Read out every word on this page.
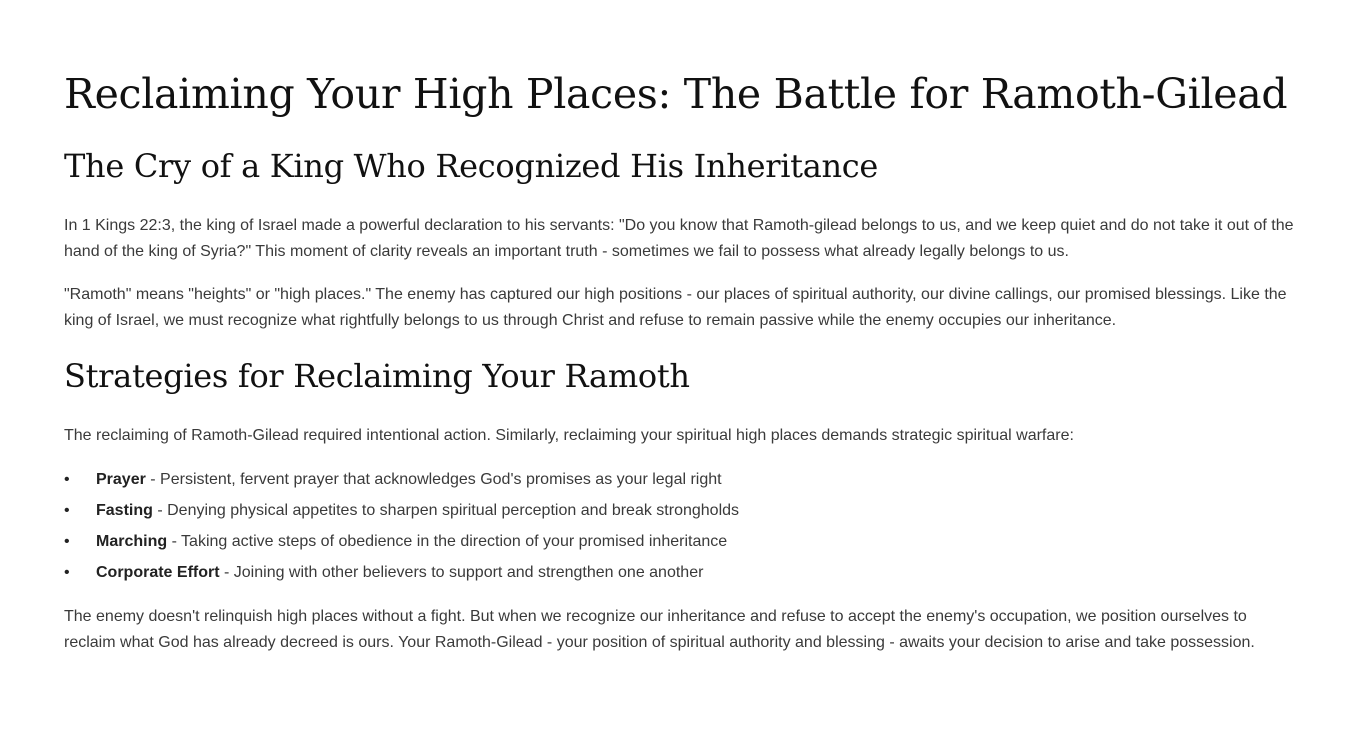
Reclaiming Your High Places: The Battle for Ramoth-Gilead
The Cry of a King Who Recognized His Inheritance

In 1 Kings 22:3, the king of Israel made a powerful declaration to his servants: "Do you know that Ramoth-gilead belongs to us, and we keep quiet and do not take it out of the hand of the king of Syria?" This moment of clarity reveals an important truth - sometimes we fail to possess what already legally belongs to us.

"Ramoth" means "heights" or "high places." The enemy has captured our high positions - our places of spiritual authority, our divine callings, our promised blessings. Like the king of Israel, we must recognize what rightfully belongs to us through Christ and refuse to remain passive while the enemy occupies our inheritance.

Strategies for Reclaiming Your Ramoth

The reclaiming of Ramoth-Gilead required intentional action. Similarly, reclaiming your spiritual high places demands strategic spiritual warfare:

• Prayer - Persistent, fervent prayer that acknowledges God's promises as your legal right
• Fasting - Denying physical appetites to sharpen spiritual perception and break strongholds
• Marching - Taking active steps of obedience in the direction of your promised inheritance
• Corporate Effort - Joining with other believers to support and strengthen one another

The enemy doesn't relinquish high places without a fight. But when we recognize our inheritance and refuse to accept the enemy's occupation, we position ourselves to reclaim what God has already decreed is ours. Your Ramoth-Gilead - your position of spiritual authority and blessing - awaits your decision to arise and take possession.
